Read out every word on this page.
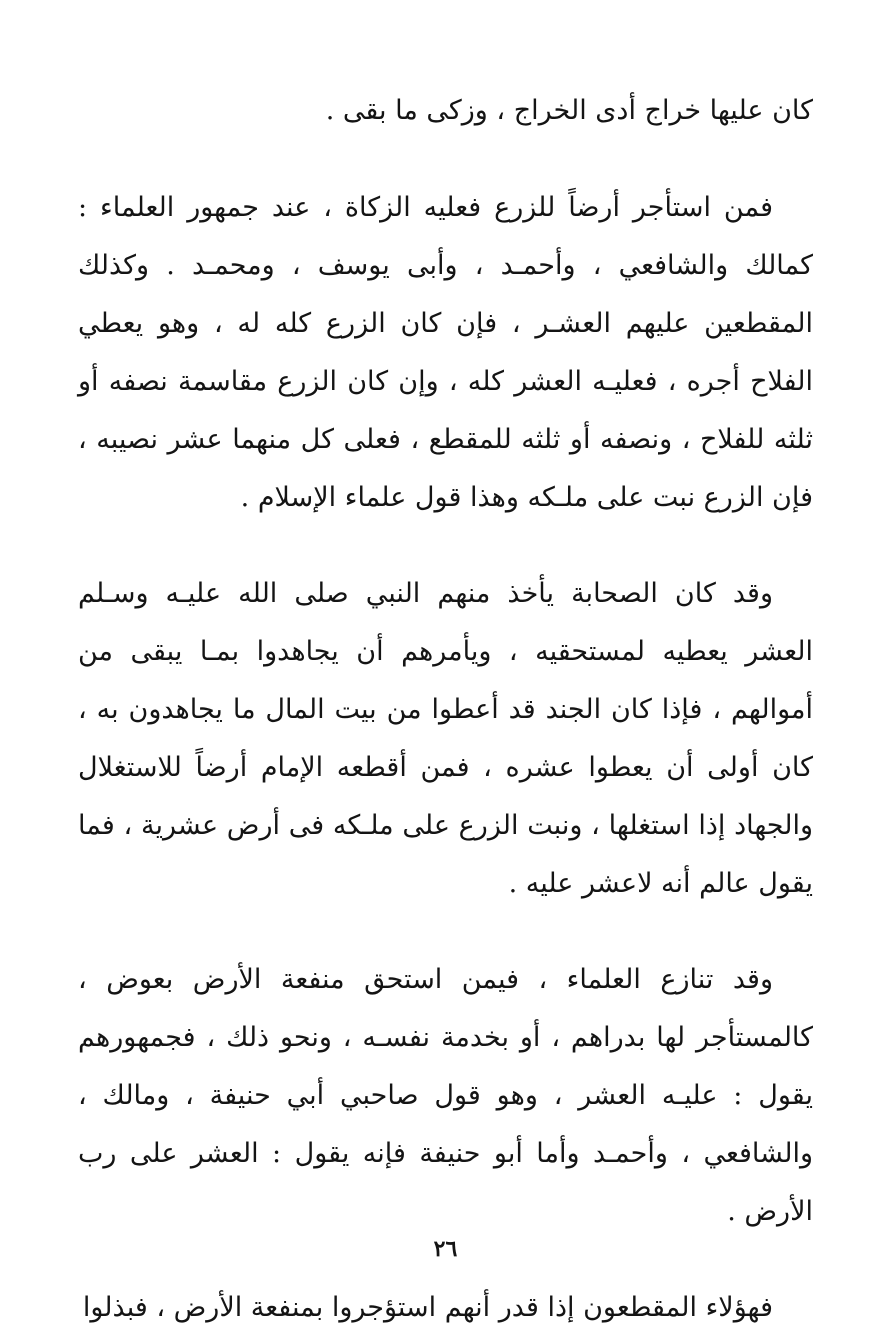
كان عليها خراج أدى الخراج ، وزكى ما بقى .

فمن استأجر أرضاً للزرع فعليه الزكاة ، عند جمهور العلماء : كمالك والشافعي ، وأحمـد ، وأبى يوسف ، ومحمـد . وكذلك المقطعين عليهم العشـر ، فإن كان الزرع كله له ، وهو يعطي الفلاح أجره ، فعليـه العشر كله ، وإن كان الزرع مقاسمة نصفه أو ثلثه للفلاح ، ونصفه أو ثلثه للمقطع ، فعلى كل منهما عشر نصيبه ، فإن الزرع نبت على ملـكه وهذا قول علماء الإسلام .

وقد كان الصحابة يأخذ منهم النبي صلى الله عليـه وسـلم العشر يعطيه لمستحقيه ، ويأمرهم أن يجاهدوا بمـا يبقى من أموالهم ، فإذا كان الجند قد أعطوا من بيت المال ما يجاهدون به ، كان أولى أن يعطوا عشره ، فمن أقطعه الإمام أرضاً للاستغلال والجهاد إذا استغلها ، ونبت الزرع على ملـكه فى أرض عشرية ، فما يقول عالم أنه لاعشر عليه .

وقد تنازع العلماء ، فيمن استحق منفعة الأرض بعوض ، كالمستأجر لها بدراهم ، أو بخدمة نفسـه ، ونحو ذلك ، فجمهورهم يقول : عليـه العشر ، وهو قول صاحبي أبي حنيفة ، ومالك ، والشافعي ، وأحمـد وأما أبو حنيفة فإنه يقول : العشر على رب الأرض .

فهؤلاء المقطعون إذا قدر أنهم استؤجروا بمنفعة الأرض ، فبذلوا

٢٦
